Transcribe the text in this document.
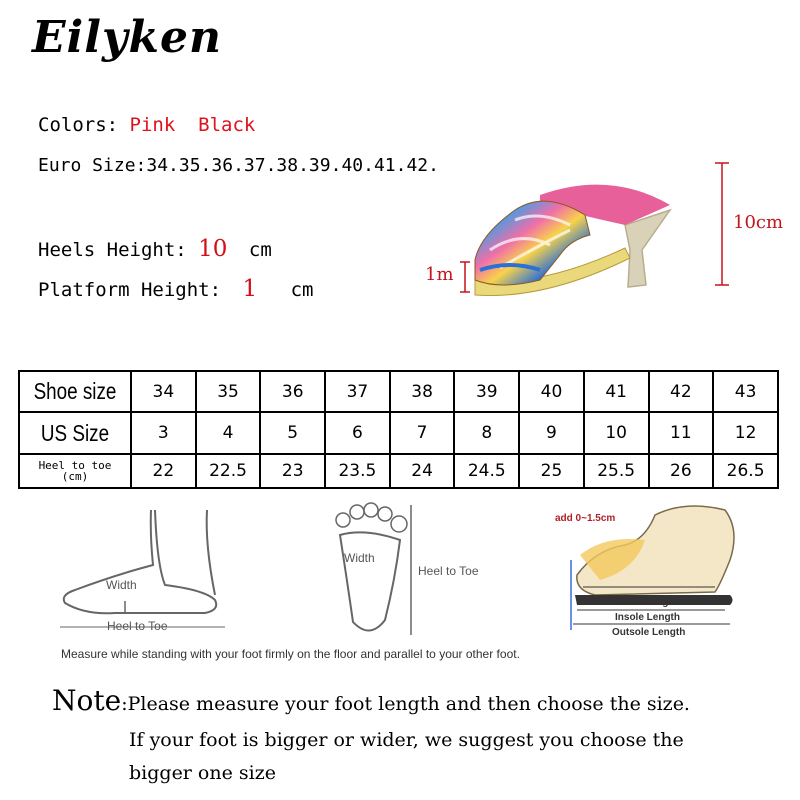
Eilyken
Colors: Pink  Black
Euro Size:34.35.36.37.38.39.40.41.42.
Heels Height: 10 cm
Platform Height: 1 cm
10cm
1m
Shoe size	34	35	36	37	38	39	40	41	42	43
US Size	3	4	5	6	7	8	9	10	11	12

Heel to toe
(cm)	22	22.5	23	23.5	24	24.5	25	25.5	26	26.5
Width
Heel to Toe
Width
Heel to Toe
add 0~1.5cm
Foot Length
Insole Length
Outsole Length
Measure while standing with your foot firmly on the floor and parallel to your other foot.
Note:Please measure your foot length and then choose the size.
If your foot is bigger or wider, we suggest you choose the
bigger one size
